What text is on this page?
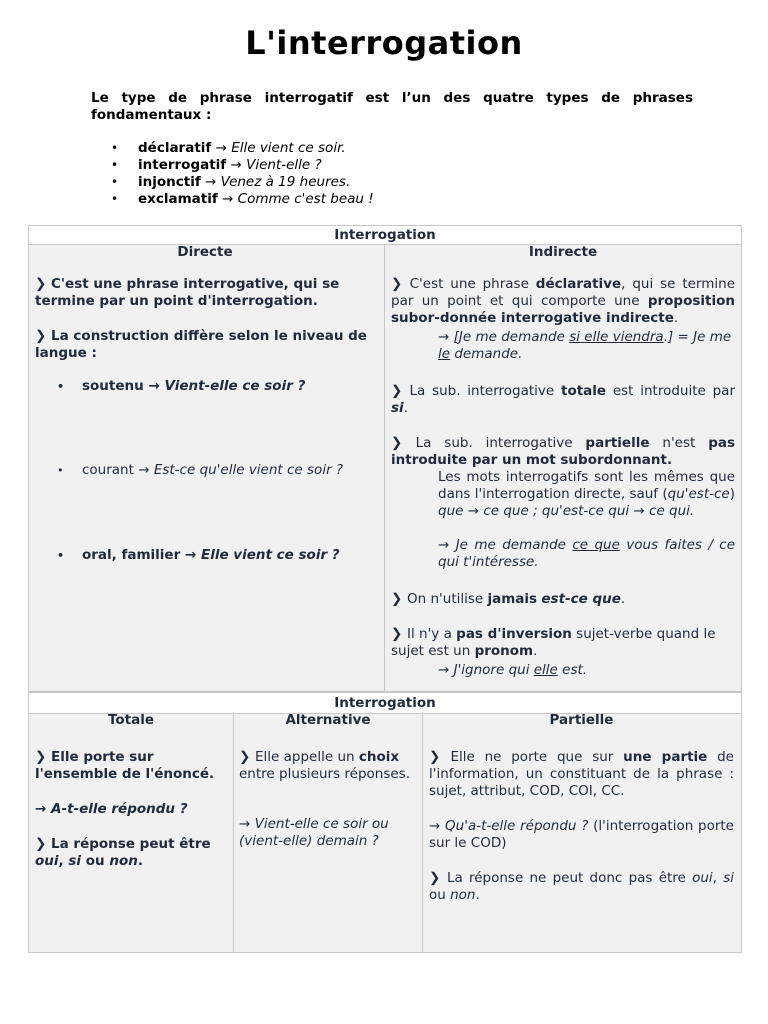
L'interrogation
Le type de phrase interrogatif est l’un des quatre types de phrases fondamentaux :
• déclaratif → Elle vient ce soir.
• interrogatif → Vient-elle ?
• injonctif → Venez à 19 heures.
• exclamatif → Comme c'est beau !
Interrogation
Directe

❯ C'est une phrase interrogative, qui se termine par un point d'interrogation.

❯ La construction diffère selon le niveau de langue :

• soutenu → Vient-elle ce soir ?
• courant → Est-ce qu'elle vient ce soir ?
• oral, familier → Elle vient ce soir ?
Indirecte

❯ C'est une phrase déclarative, qui se termine par un point et qui comporte une proposition subor-donnée interrogative indirecte.

→ [Je me demande si elle viendra.] = Je me le demande.

❯ La sub. interrogative totale est introduite par si.

❯ La sub. interrogative partielle n'est pas introduite par un mot subordonnant.

Les mots interrogatifs sont les mêmes que dans l'interrogation directe, sauf (qu'est-ce) que → ce que ; qu'est-ce qui → ce qui.

→ Je me demande ce que vous faites / ce qui t'intéresse.

❯ On n'utilise jamais est-ce que.

❯ Il n'y a pas d'inversion sujet-verbe quand le sujet est un pronom.

→ J'ignore qui elle est.

Interrogation
Totale

❯ Elle porte sur l'ensemble de l'énoncé.

→ A-t-elle répondu ?

❯ La réponse peut être oui, si ou non.

Alternative

❯ Elle appelle un choix entre plusieurs réponses.

→ Vient-elle ce soir ou (vient-elle) demain ?

Partielle

❯ Elle ne porte que sur une partie de l'information, un constituant de la phrase : sujet, attribut, COD, COI, CC.

→ Qu'a-t-elle répondu ? (l'interrogation porte sur le COD)

❯ La réponse ne peut donc pas être oui, si ou non.
